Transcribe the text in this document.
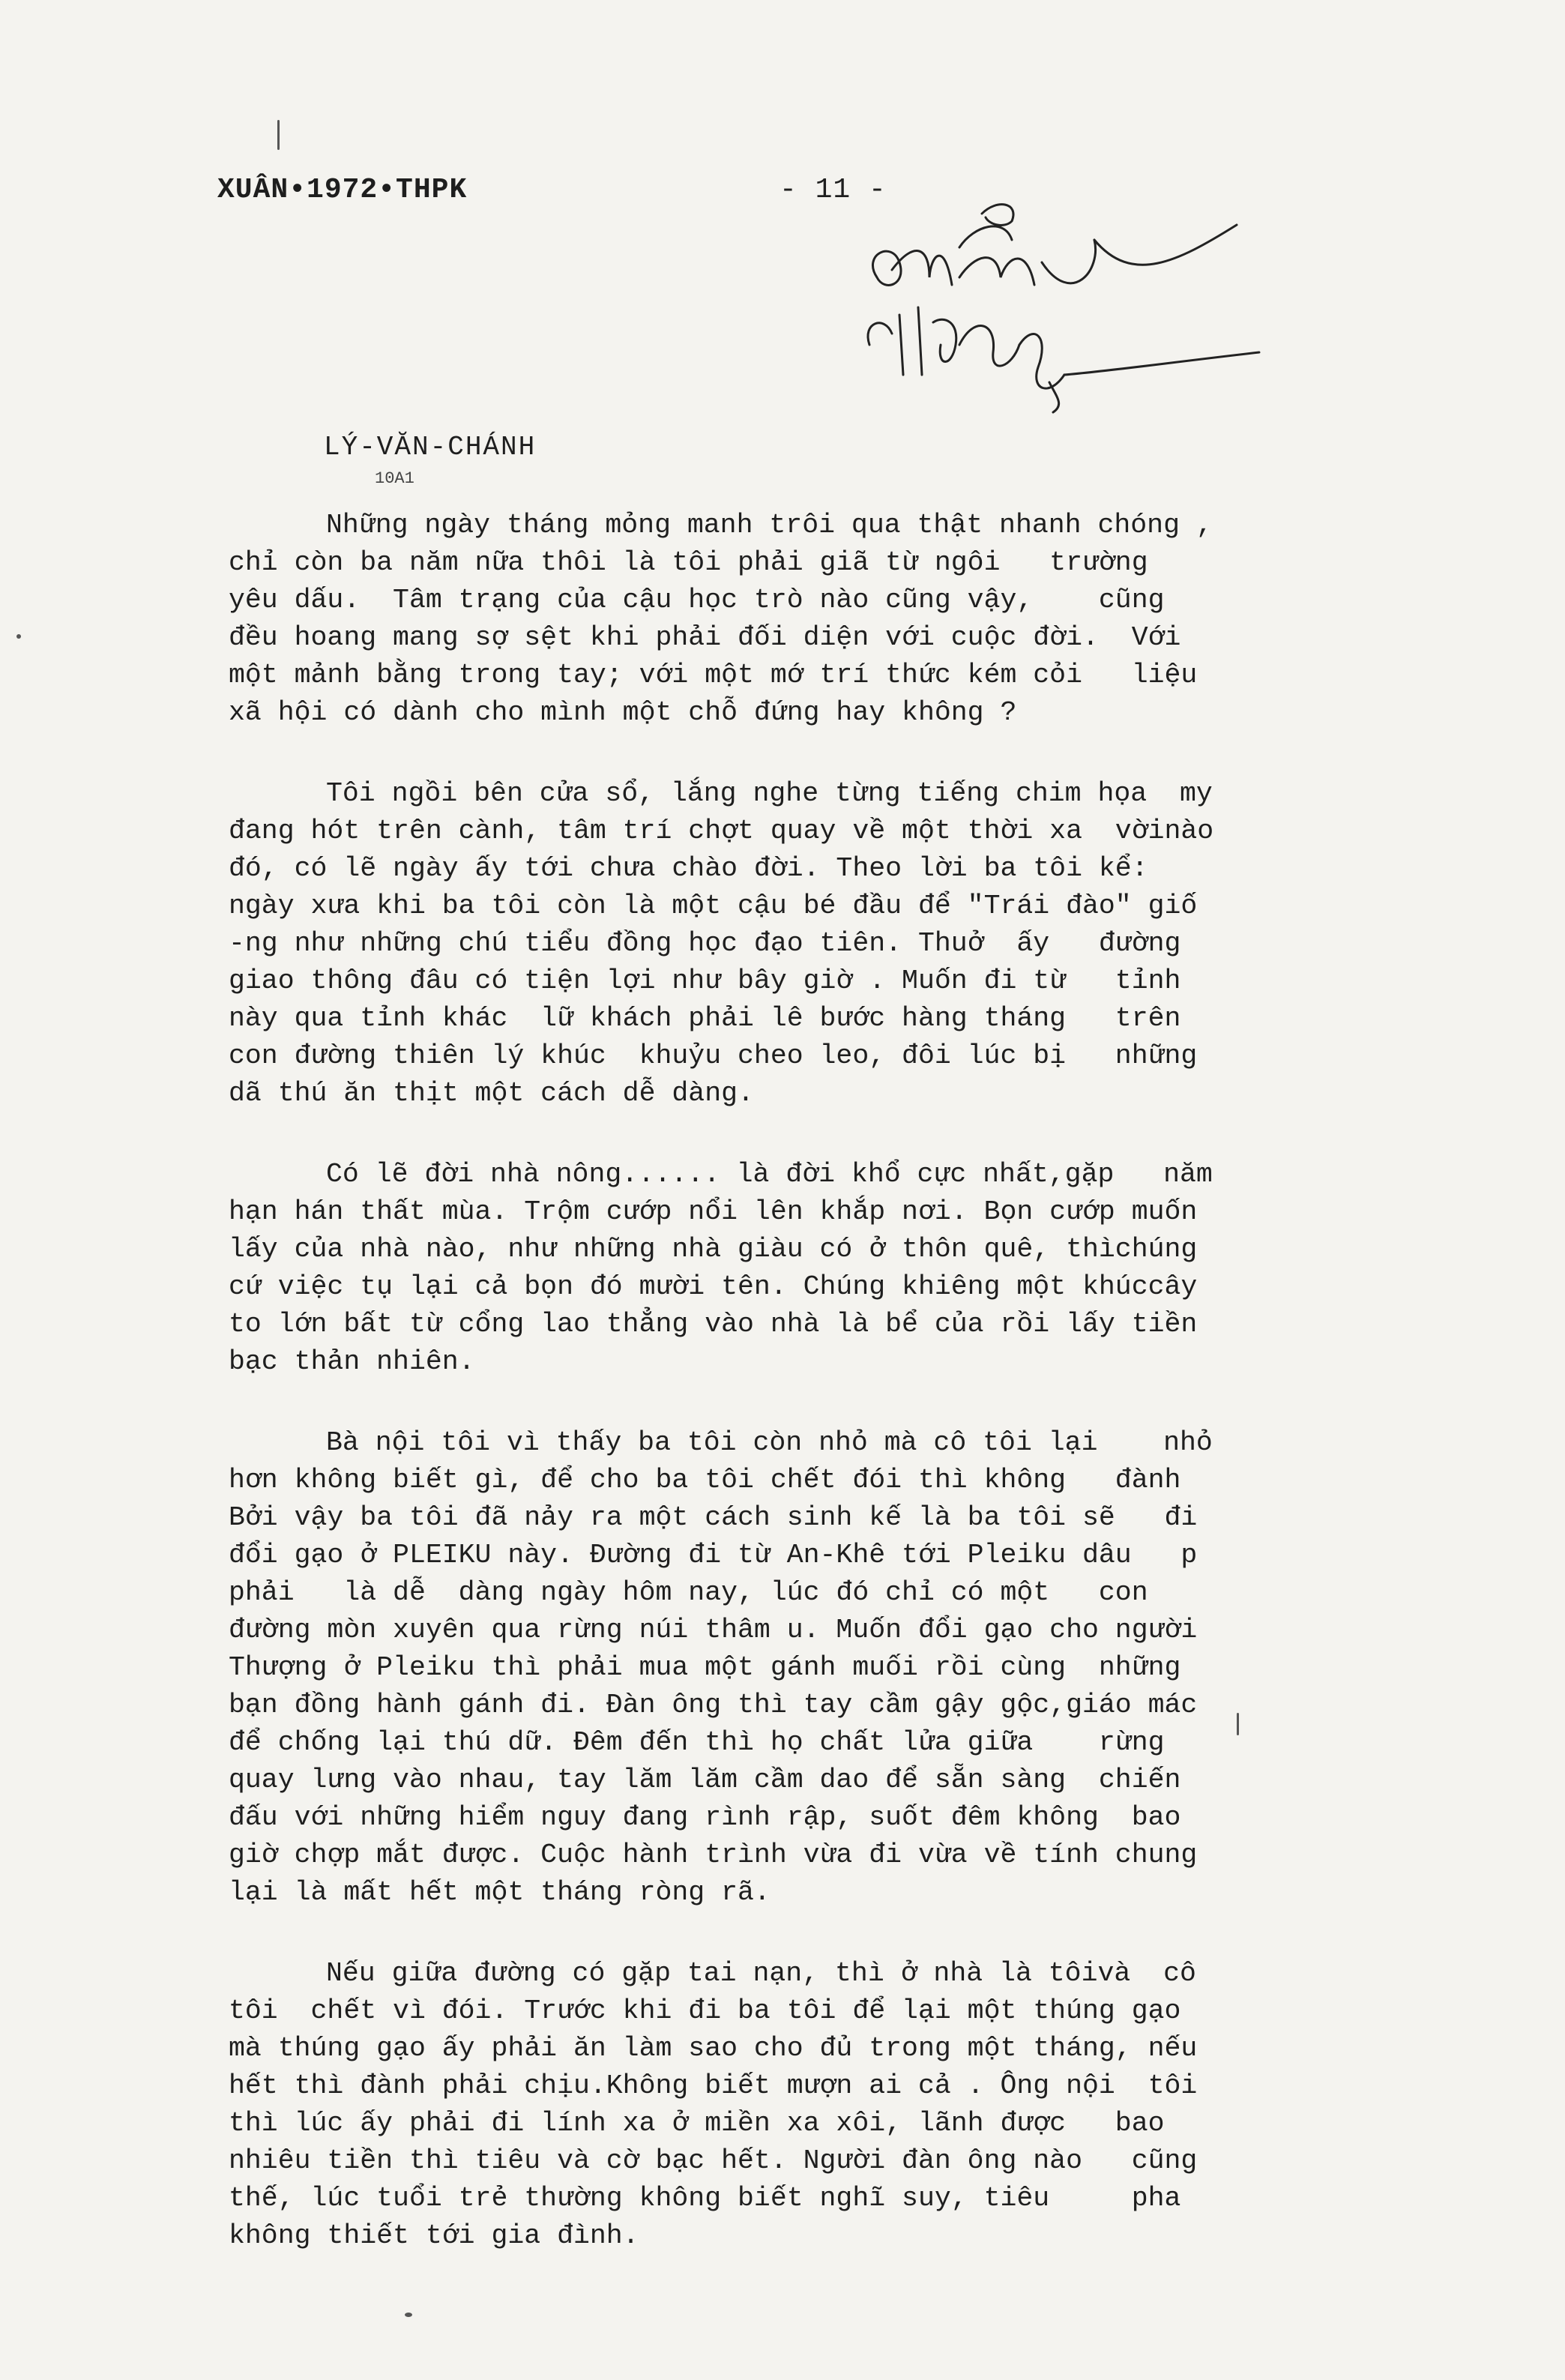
XUÂN•1972•THPK	- 11 -
LÝ-VĂN-CHÁNH
10A1
Những ngày tháng mỏng manh trôi qua thật nhanh chóng ,
chỉ còn ba năm nữa thôi là tôi phải giã từ ngôi   trường
yêu dấu.  Tâm trạng của cậu học trò nào cũng vậy,    cũng
đều hoang mang sợ sệt khi phải đối diện với cuộc đời.  Với
một mảnh bằng trong tay; với một mớ trí thức kém cỏi   liệu
xã hội có dành cho mình một chỗ đứng hay không ?
Tôi ngồi bên cửa sổ, lắng nghe từng tiếng chim họa  my
đang hót trên cành, tâm trí chợt quay về một thời xa  vờinào
đó, có lẽ ngày ấy tới chưa chào đời. Theo lời ba tôi kể:
ngày xưa khi ba tôi còn là một cậu bé đầu để "Trái đào" giố
-ng như những chú tiểu đồng học đạo tiên. Thuở  ấy   đường
giao thông đâu có tiện lợi như bây giờ . Muốn đi từ   tỉnh
này qua tỉnh khác  lữ khách phải lê bước hàng tháng   trên
con đường thiên lý khúc  khuỷu cheo leo, đôi lúc bị   những
dã thú ăn thịt một cách dễ dàng.
Có lẽ đời nhà nông...... là đời khổ cực nhất,gặp   năm
hạn hán thất mùa. Trộm cướp nổi lên khắp nơi. Bọn cướp muốn
lấy của nhà nào, như những nhà giàu có ở thôn quê, thìchúng
cứ việc tụ lại cả bọn đó mười tên. Chúng khiêng một khúccây
to lớn bất từ cổng lao thẳng vào nhà là bể của rồi lấy tiền
bạc thản nhiên.
Bà nội tôi vì thấy ba tôi còn nhỏ mà cô tôi lại    nhỏ
hơn không biết gì, để cho ba tôi chết đói thì không   đành
Bởi vậy ba tôi đã nảy ra một cách sinh kế là ba tôi sẽ   đi
đổi gạo ở PLEIKU này. Đường đi từ An-Khê tới Pleiku dâu   p
phải   là dễ  dàng ngày hôm nay, lúc đó chỉ có một   con
đường mòn xuyên qua rừng núi thâm u. Muốn đổi gạo cho người
Thượng ở Pleiku thì phải mua một gánh muối rồi cùng  những
bạn đồng hành gánh đi. Đàn ông thì tay cầm gậy gộc,giáo mác
để chống lại thú dữ. Đêm đến thì họ chất lửa giữa    rừng
quay lưng vào nhau, tay lăm lăm cầm dao để sẵn sàng  chiến
đấu với những hiểm nguy đang rình rập, suốt đêm không  bao
giờ chợp mắt được. Cuộc hành trình vừa đi vừa về tính chung
lại là mất hết một tháng ròng rã.
Nếu giữa đường có gặp tai nạn, thì ở nhà là tôivà  cô
tôi  chết vì đói. Trước khi đi ba tôi để lại một thúng gạo
mà thúng gạo ấy phải ăn làm sao cho đủ trong một tháng, nếu
hết thì đành phải chịu.Không biết mượn ai cả . Ông nội  tôi
thì lúc ấy phải đi lính xa ở miền xa xôi, lãnh được   bao
nhiêu tiền thì tiêu và cờ bạc hết. Người đàn ông nào   cũng
thế, lúc tuổi trẻ thường không biết nghĩ suy, tiêu     pha
không thiết tới gia đình.
